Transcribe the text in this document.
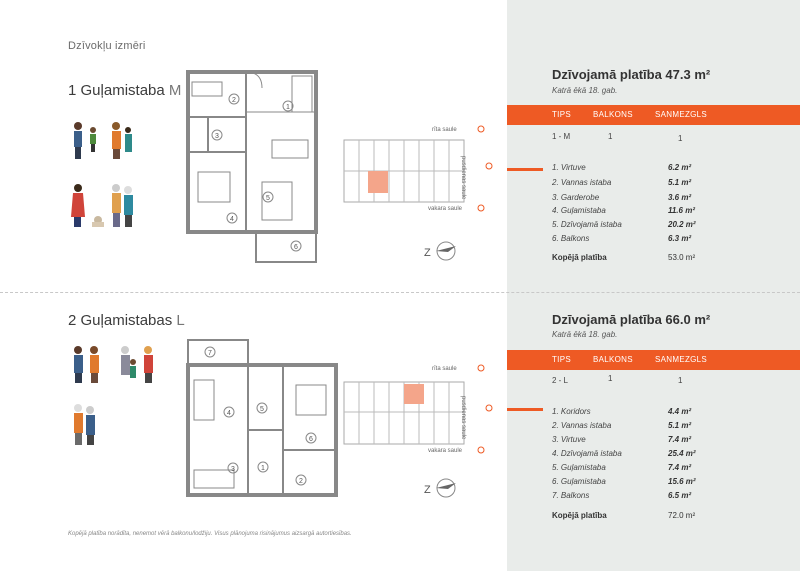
Dzīvokļu izmēri
1 Guļamistaba M
1
2
3
4
5
6
rīta saule
pusdienas saule
vakara saule
Z
Dzīvojamā platība 47.3 m²
Katrā ēkā 18. gab.
TIPS	BALKONS	SANMEZGLS
1 - M	1	1
1. Virtuve	6.2 m²
2. Vannas istaba	5.1 m²
3. Garderobe	3.6 m²
4. Guļamistaba	11.6 m²
5. Dzīvojamā istaba	20.2 m²
6. Balkons	6.3 m²
Kopējā platība	53.0 m²
2 Guļamistabas L
7
4
5
6
1
2
3
rīta saule
pusdienas saule
vakara saule
Z
Dzīvojamā platība 66.0 m²
Katrā ēkā 18. gab.
TIPS	BALKONS	SANMEZGLS
2 - L	1	1
1. Koridors	4.4 m²
2. Vannas istaba	5.1 m²
3. Virtuve	7.4 m²
4. Dzīvojamā istaba	25.4 m²
5. Guļamistaba	7.4 m²
6. Guļamistaba	15.6 m²
7. Balkons	6.5 m²
Kopējā platība	72.0 m²
Kopējā platība norādīta, nenemot vērā balkonu/lodžiju. Visus plānojuma risinājumus aizsargā autortiesības.
